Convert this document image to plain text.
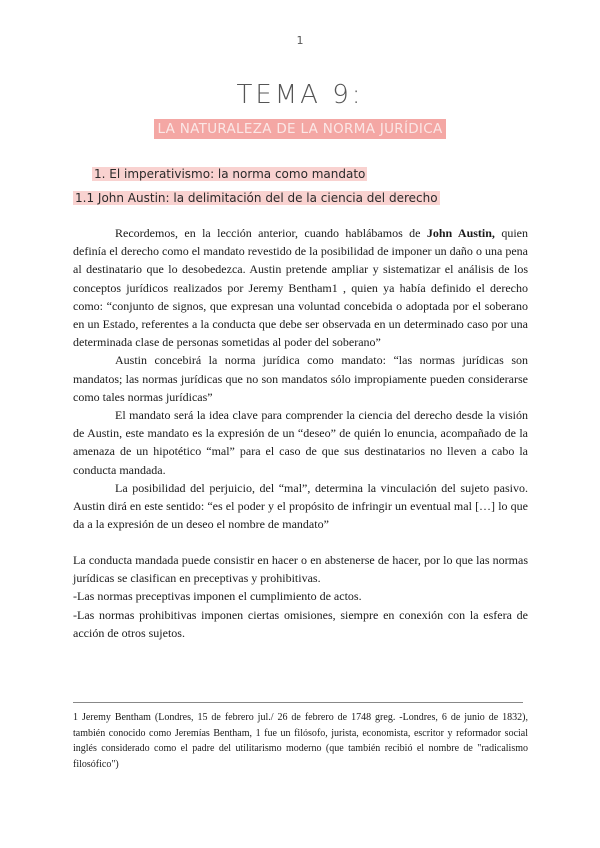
1
TEMA 9:
LA NATURALEZA DE LA NORMA JURÍDICA
1. El imperativismo: la norma como mandato
1.1 John Austin: la delimitación del de la ciencia del derecho

Recordemos, en la lección anterior, cuando hablábamos de John Austin, quien definía el derecho como el mandato revestido de la posibilidad de imponer un daño o una pena al destinatario que lo desobedezca. Austin pretende ampliar y sistematizar el análisis de los conceptos jurídicos realizados por Jeremy Bentham1 , quien ya había definido el derecho como: “conjunto de signos, que expresan una voluntad concebida o adoptada por el soberano en un Estado, referentes a la conducta que debe ser observada en un determinado caso por una determinada clase de personas sometidas al poder del soberano”

Austin concebirá la norma jurídica como mandato: “las normas jurídicas son mandatos; las normas jurídicas que no son mandatos sólo impropiamente pueden considerarse como tales normas jurídicas”

El mandato será la idea clave para comprender la ciencia del derecho desde la visión de Austin, este mandato es la expresión de un “deseo” de quién lo enuncia, acompañado de la amenaza de un hipotético “mal” para el caso de que sus destinatarios no lleven a cabo la conducta mandada.

La posibilidad del perjuicio, del “mal”, determina la vinculación del sujeto pasivo. Austin dirá en este sentido: “es el poder y el propósito de infringir un eventual mal […] lo que da a la expresión de un deseo el nombre de mandato”

La conducta mandada puede consistir en hacer o en abstenerse de hacer, por lo que las normas jurídicas se clasifican en preceptivas y prohibitivas.

-Las normas preceptivas imponen el cumplimiento de actos.

-Las normas prohibitivas imponen ciertas omisiones, siempre en conexión con la esfera de acción de otros sujetos.

1 Jeremy Bentham (Londres, 15 de febrero jul./ 26 de febrero de 1748 greg. -Londres, 6 de junio de 1832), también conocido como Jeremías Bentham, 1 fue un filósofo, jurista, economista, escritor y reformador social inglés considerado como el padre del utilitarismo moderno (que también recibió el nombre de "radicalismo filosófico")
